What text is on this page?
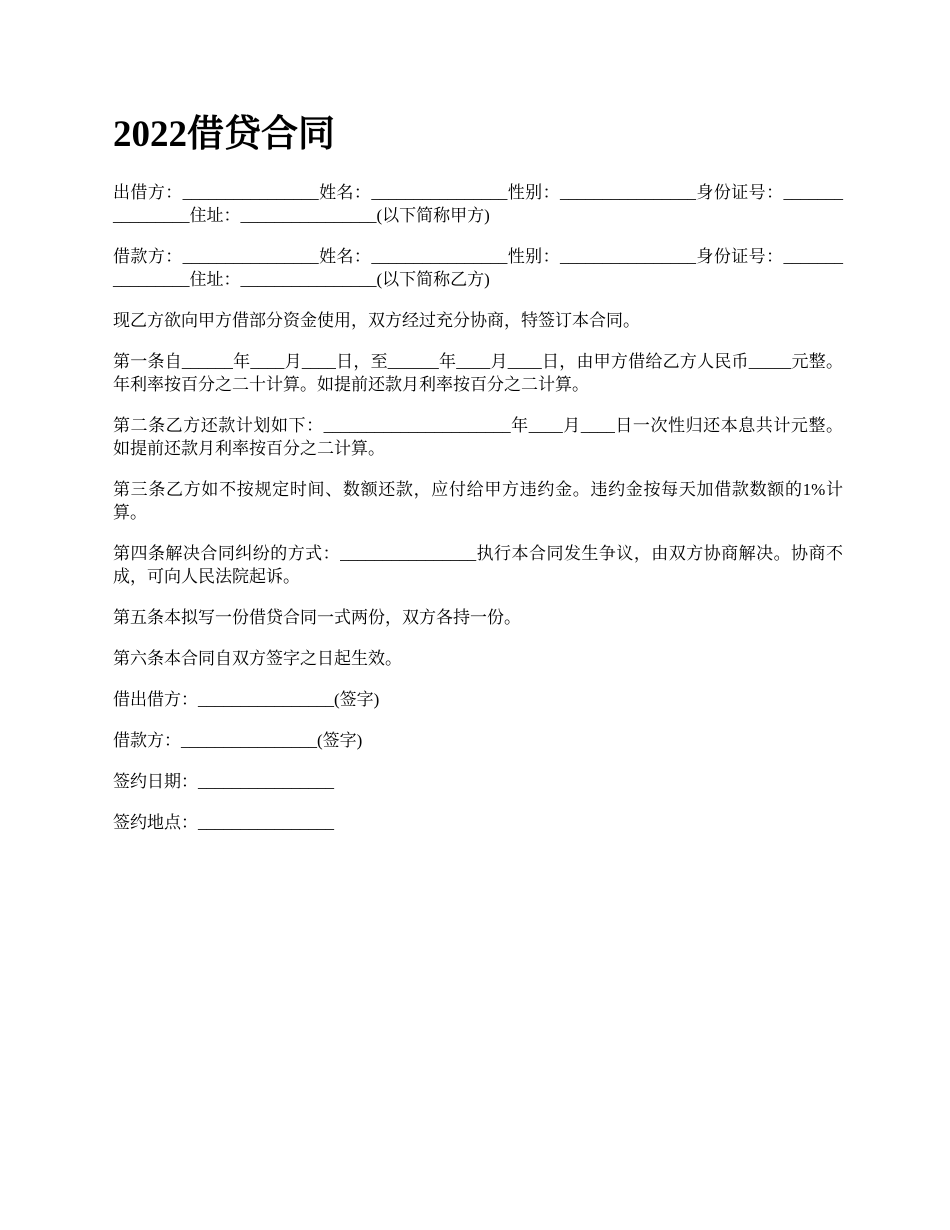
2022借贷合同

出借方：________________姓名：________________性别：________________身份证号：________________住址：________________(以下简称甲方)

借款方：________________姓名：________________性别：________________身份证号：________________住址：________________(以下简称乙方)

现乙方欲向甲方借部分资金使用，双方经过充分协商，特签订本合同。

第一条自______年____月____日，至______年____月____日，由甲方借给乙方人民币_____元整。年利率按百分之二十计算。如提前还款月利率按百分之二计算。

第二条乙方还款计划如下：______________________年____月____日一次性归还本息共计元整。如提前还款月利率按百分之二计算。

第三条乙方如不按规定时间、数额还款，应付给甲方违约金。违约金按每天加借款数额的1%计算。

第四条解决合同纠纷的方式：________________执行本合同发生争议，由双方协商解决。协商不成，可向人民法院起诉。

第五条本拟写一份借贷合同一式两份，双方各持一份。

第六条本合同自双方签字之日起生效。

借出借方：________________(签字)

借款方：________________(签字)

签约日期：________________

签约地点：________________
